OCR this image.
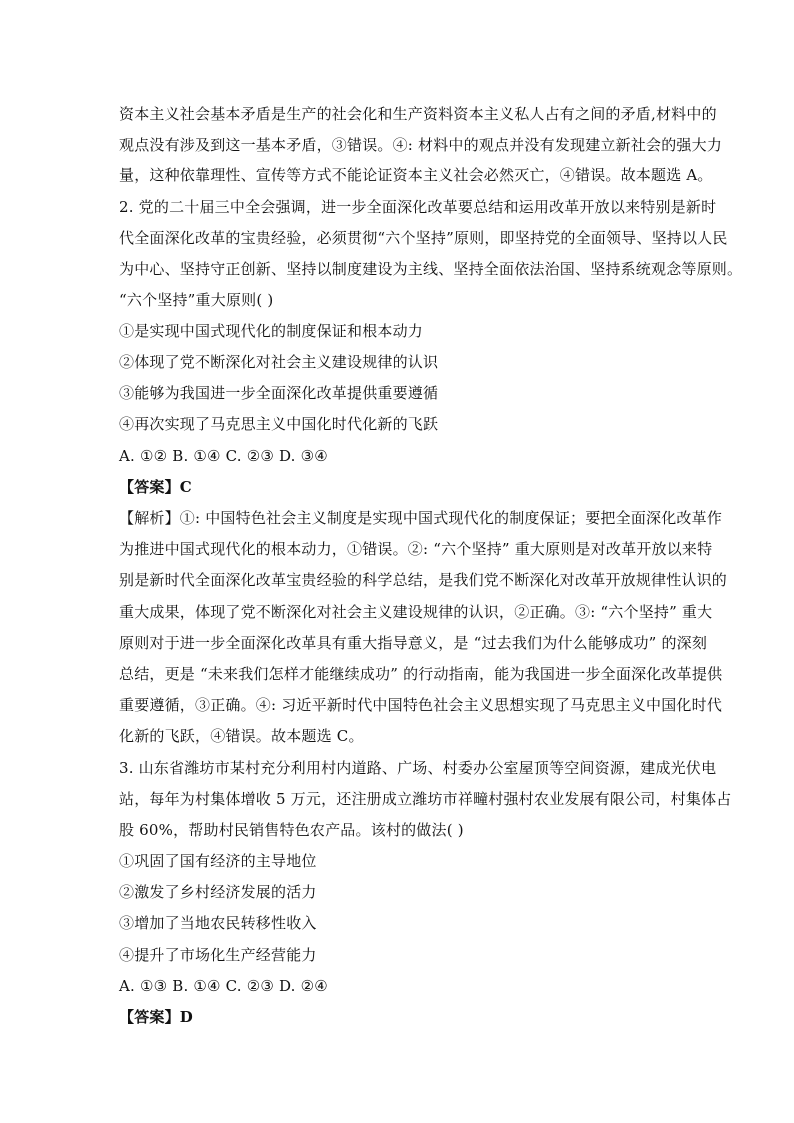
资本主义社会基本矛盾是生产的社会化和生产资料资本主义私人占有之间的矛盾,材料中的
观点没有涉及到这一基本矛盾，③错误。④: 材料中的观点并没有发现建立新社会的强大力
量，这种依靠理性、宣传等方式不能论证资本主义社会必然灭亡，④错误。故本题选 A。
2. 党的二十届三中全会强调，进一步全面深化改革要总结和运用改革开放以来特别是新时
代全面深化改革的宝贵经验，必须贯彻“六个坚持”原则，即坚持党的全面领导、坚持以人民
为中心、坚持守正创新、坚持以制度建设为主线、坚持全面依法治国、坚持系统观念等原则。
“六个坚持”重大原则( )
①是实现中国式现代化的制度保证和根本动力
②体现了党不断深化对社会主义建设规律的认识
③能够为我国进一步全面深化改革提供重要遵循
④再次实现了马克思主义中国化时代化新的飞跃
A. ①② B. ①④ C. ②③ D. ③④
【答案】C
【解析】①: 中国特色社会主义制度是实现中国式现代化的制度保证；要把全面深化改革作
为推进中国式现代化的根本动力，①错误。②: “六个坚持” 重大原则是对改革开放以来特
别是新时代全面深化改革宝贵经验的科学总结，是我们党不断深化对改革开放规律性认识的
重大成果，体现了党不断深化对社会主义建设规律的认识，②正确。③: “六个坚持” 重大
原则对于进一步全面深化改革具有重大指导意义，是 “过去我们为什么能够成功” 的深刻
总结，更是 “未来我们怎样才能继续成功” 的行动指南，能为我国进一步全面深化改革提供
重要遵循，③正确。④: 习近平新时代中国特色社会主义思想实现了马克思主义中国化时代
化新的飞跃，④错误。故本题选 C。
3. 山东省潍坊市某村充分利用村内道路、广场、村委办公室屋顶等空间资源，建成光伏电
站，每年为村集体增收 5 万元，还注册成立潍坊市祥疃村强村农业发展有限公司，村集体占
股 60%，帮助村民销售特色农产品。该村的做法( )
①巩固了国有经济的主导地位
②激发了乡村经济发展的活力
③增加了当地农民转移性收入
④提升了市场化生产经营能力
A. ①③ B. ①④ C. ②③ D. ②④
【答案】D
